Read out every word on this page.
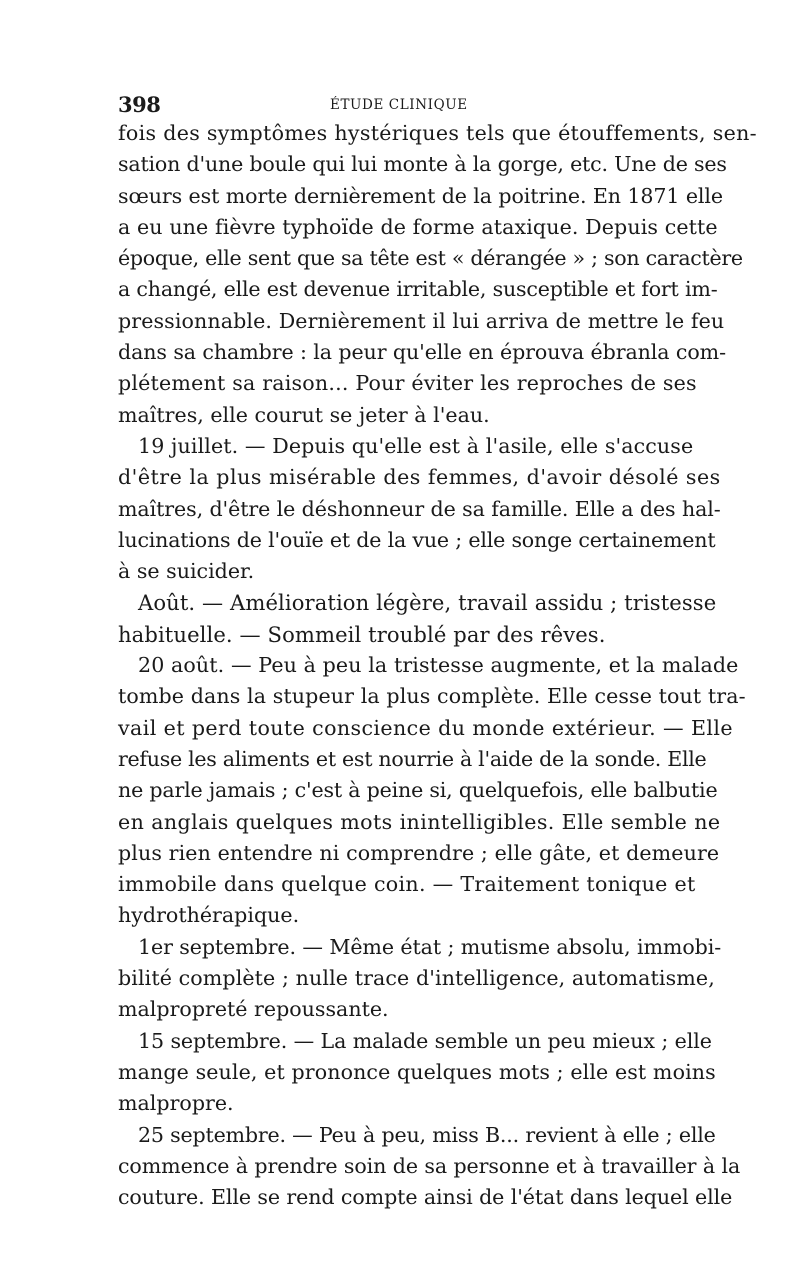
398	ÉTUDE CLINIQUE
fois des symptômes hystériques tels que étouffements, sen-
sation d'une boule qui lui monte à la gorge, etc. Une de ses
sœurs est morte dernièrement de la poitrine. En 1871 elle
a eu une fièvre typhoïde de forme ataxique. Depuis cette
époque, elle sent que sa tête est « dérangée » ; son caractère
a changé, elle est devenue irritable, susceptible et fort im-
pressionnable. Dernièrement il lui arriva de mettre le feu
dans sa chambre : la peur qu'elle en éprouva ébranla com-
plétement sa raison... Pour éviter les reproches de ses
maîtres, elle courut se jeter à l'eau.
19 juillet. — Depuis qu'elle est à l'asile, elle s'accuse
d'être la plus misérable des femmes, d'avoir désolé ses
maîtres, d'être le déshonneur de sa famille. Elle a des hal-
lucinations de l'ouïe et de la vue ; elle songe certainement
à se suicider.
Août. — Amélioration légère, travail assidu ; tristesse
habituelle. — Sommeil troublé par des rêves.
20 août. — Peu à peu la tristesse augmente, et la malade
tombe dans la stupeur la plus complète. Elle cesse tout tra-
vail et perd toute conscience du monde extérieur. — Elle
refuse les aliments et est nourrie à l'aide de la sonde. Elle
ne parle jamais ; c'est à peine si, quelquefois, elle balbutie
en anglais quelques mots inintelligibles. Elle semble ne
plus rien entendre ni comprendre ; elle gâte, et demeure
immobile dans quelque coin. — Traitement tonique et
hydrothérapique.
1er septembre. — Même état ; mutisme absolu, immobi-
bilité complète ; nulle trace d'intelligence, automatisme,
malpropreté repoussante.
15 septembre. — La malade semble un peu mieux ; elle
mange seule, et prononce quelques mots ; elle est moins
malpropre.
25 septembre. — Peu à peu, miss B... revient à elle ; elle
commence à prendre soin de sa personne et à travailler à la
couture. Elle se rend compte ainsi de l'état dans lequel elle
